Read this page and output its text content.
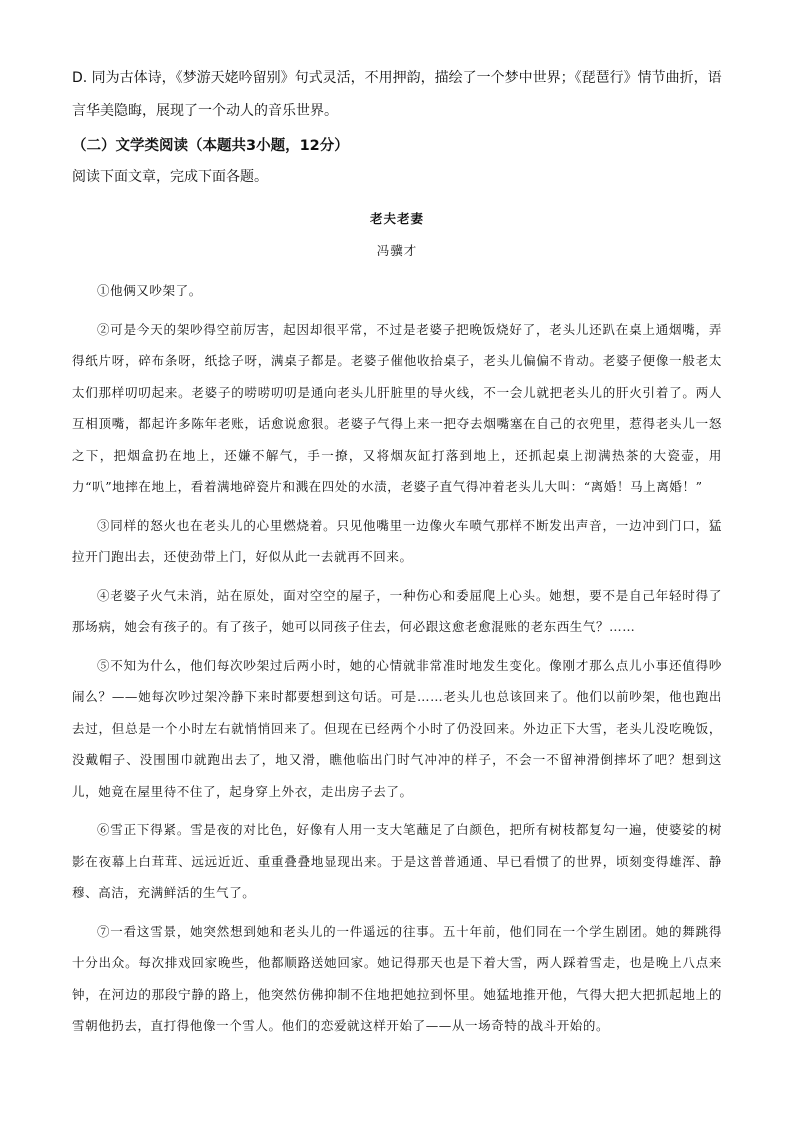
D. 同为古体诗，《梦游天姥吟留别》句式灵活，不用押韵，描绘了一个梦中世界；《琵琶行》情节曲折，语言华美隐晦，展现了一个动人的音乐世界。

（二）文学类阅读（本题共3小题，12分）

阅读下面文章，完成下面各题。

老夫老妻

冯骥才

①他俩又吵架了。

②可是今天的架吵得空前厉害，起因却很平常，不过是老婆子把晚饭烧好了，老头儿还趴在桌上通烟嘴，弄得纸片呀，碎布条呀，纸捻子呀，满桌子都是。老婆子催他收拾桌子，老头儿偏偏不肯动。老婆子便像一般老太太们那样叨叨起来。老婆子的唠唠叨叨是通向老头儿肝脏里的导火线，不一会儿就把老头儿的肝火引着了。两人互相顶嘴，都起许多陈年老账，话愈说愈狠。老婆子气得上来一把夺去烟嘴塞在自己的衣兜里，惹得老头儿一怒之下，把烟盒扔在地上，还嫌不解气，手一撩，又将烟灰缸打落到地上，还抓起桌上沏满热茶的大瓷壶，用力“叭”地摔在地上，看着满地碎瓷片和溅在四处的水渍，老婆子直气得冲着老头儿大叫：“离婚！马上离婚！”

③同样的怒火也在老头儿的心里燃烧着。只见他嘴里一边像火车喷气那样不断发出声音，一边冲到门口，猛拉开门跑出去，还使劲带上门，好似从此一去就再不回来。

④老婆子火气未消，站在原处，面对空空的屋子，一种伤心和委屈爬上心头。她想，要不是自己年轻时得了那场病，她会有孩子的。有了孩子，她可以同孩子住去，何必跟这愈老愈混账的老东西生气？……

⑤不知为什么，他们每次吵架过后两小时，她的心情就非常准时地发生变化。像刚才那么点儿小事还值得吵闹么？——她每次吵过架冷静下来时都要想到这句话。可是……老头儿也总该回来了。他们以前吵架，他也跑出去过，但总是一个小时左右就悄悄回来了。但现在已经两个小时了仍没回来。外边正下大雪，老头儿没吃晚饭，没戴帽子、没围围巾就跑出去了，地又滑，瞧他临出门时气冲冲的样子，不会一不留神滑倒摔坏了吧？想到这儿，她竟在屋里待不住了，起身穿上外衣，走出房子去了。

⑥雪正下得紧。雪是夜的对比色，好像有人用一支大笔蘸足了白颜色，把所有树枝都复勾一遍，使婆娑的树影在夜幕上白茸茸、远远近近、重重叠叠地显现出来。于是这普普通通、早已看惯了的世界，顷刻变得雄浑、静穆、高洁，充满鲜活的生气了。

⑦一看这雪景，她突然想到她和老头儿的一件遥远的往事。五十年前，他们同在一个学生剧团。她的舞跳得十分出众。每次排戏回家晚些，他都顺路送她回家。她记得那天也是下着大雪，两人踩着雪走，也是晚上八点来钟，在河边的那段宁静的路上，他突然仿佛抑制不住地把她拉到怀里。她猛地推开他，气得大把大把抓起地上的雪朝他扔去，直打得他像一个雪人。他们的恋爱就这样开始了——从一场奇特的战斗开始的。
